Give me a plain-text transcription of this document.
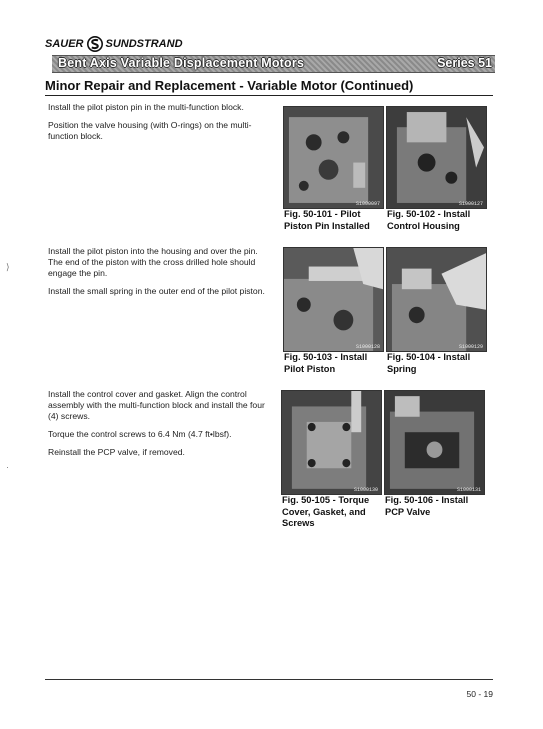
SAUER SUNDSTRAND
Bent Axis Variable Displacement Motors	Series 51
Minor Repair and Replacement - Variable Motor (Continued)
Install the pilot piston pin in the multi-function block.
Position the valve housing (with O-rings) on the multi-function block.
S1000097	S1000127
Fig. 50-101 - Pilot Piston Pin Installed
Fig. 50-102 - Install Control Housing
Install the pilot piston into the housing and over the pin. The end of the piston with the cross drilled hole should engage the pin.
Install the small spring in the outer end of the pilot piston.
S1000128	S1000129
Fig. 50-103 - Install Pilot Piston
Fig. 50-104 - Install Spring
Install the control cover and gasket. Align the control assembly with the multi-function block and install the four (4) screws.
Torque the control screws to 6.4 Nm (4.7 ft•lbsf).
Reinstall the PCP valve, if removed.
S1000130	S1000131
Fig. 50-105 - Torque Cover, Gasket, and Screws
Fig. 50-106 - Install PCP Valve
⟩
·
50 - 19
